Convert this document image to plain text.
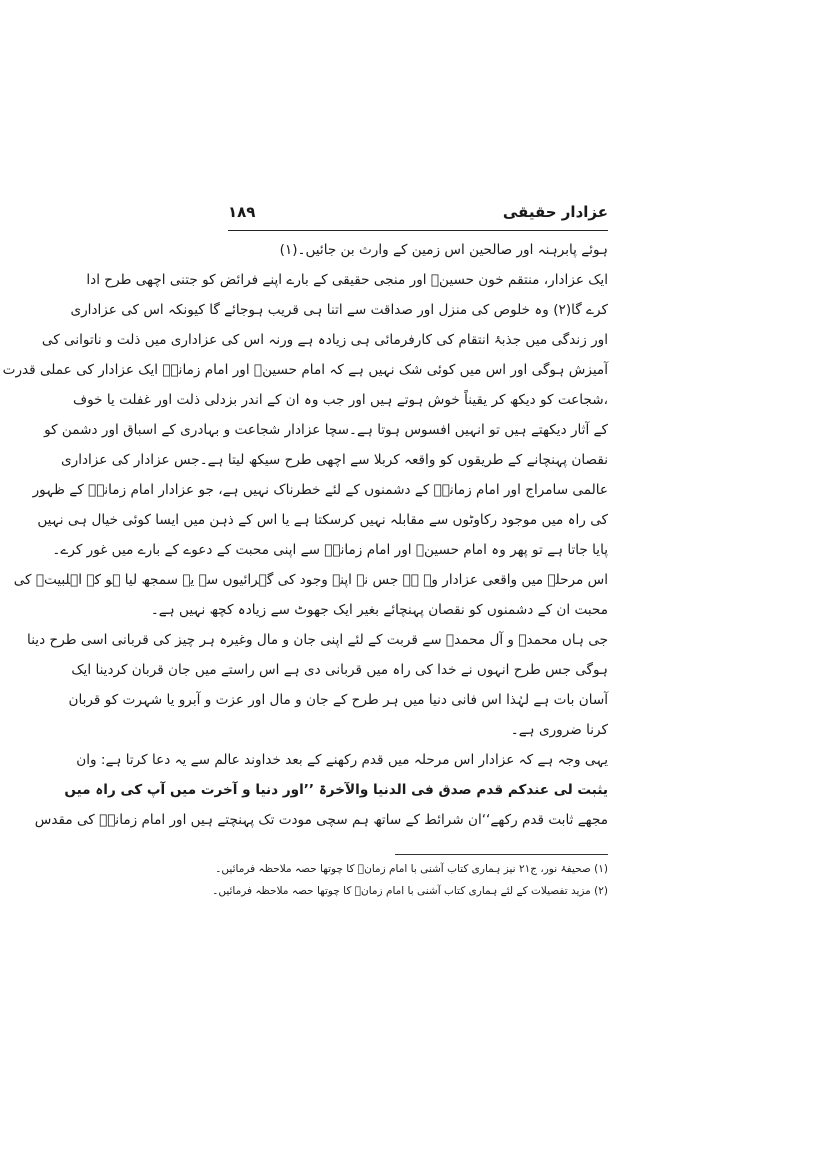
عزادار حقیقی
۱۸۹
ہوئے پابرہنہ اور صالحین اس زمین کے وارث بن جائیں۔(۱)
ایک عزادار، منتقم خون حسینؑ اور منجی حقیقی کے بارے اپنے فرائض کو جتنی اچھی طرح ادا
کرے گا(۲) وہ خلوص کی منزل اور صداقت سے اتنا ہی قریب ہوجائے گا کیونکہ اس کی عزاداری
اور زندگی میں جذبۂ انتقام کی کارفرمائی ہی زیادہ ہے ورنہ اس کی عزاداری میں ذلت و ناتوانی کی
آمیزش ہوگی اور اس میں کوئی شک نہیں ہے کہ امام حسینؑ اور امام زمانہؑ ایک عزادار کی عملی قدرت
،شجاعت کو دیکھ کر یقیناً خوش ہوتے ہیں اور جب وہ ان کے اندر بزدلی ذلت اور غفلت یا خوف
کے آثار دیکھتے ہیں تو انہیں افسوس ہوتا ہے۔سچا عزادار شجاعت و بہادری کے اسباق اور دشمن کو
نقصان پہنچانے کے طریقوں کو واقعہ کربلا سے اچھی طرح سیکھ لیتا ہے۔جس عزادار کی عزاداری
عالمی سامراج اور امام زمانہؑ کے دشمنوں کے لئے خطرناک نہیں ہے، جو عزادار امام زمانہؑ کے ظہور
کی راہ میں موجود رکاوٹوں سے مقابلہ نہیں کرسکتا ہے یا اس کے ذہن میں ایسا کوئی خیال ہی نہیں
پایا جاتا ہے تو پھر وہ امام حسینؑ اور امام زمانہؑ سے اپنی محبت کے دعوے کے بارے میں غور کرے۔
اس مرحلہ میں واقعی عزادار وہ ہے جس نے اپنے وجود کی گہرائیوں سے یہ سمجھ لیا ہو کہ اہلبیتؑ کی
محبت ان کے دشمنوں کو نقصان پہنچائے بغیر ایک جھوٹ سے زیادہ کچھ نہیں ہے۔
جی ہاں محمدؐ و آل محمدؐ سے قربت کے لئے اپنی جان و مال وغیرہ ہر چیز کی قربانی اسی طرح دینا
ہوگی جس طرح انہوں نے خدا کی راہ میں قربانی دی ہے اس راستے میں جان قربان کردینا ایک
آسان بات ہے لہٰذا اس فانی دنیا میں ہر طرح کے جان و مال اور عزت و آبرو یا شہرت کو قربان
کرنا ضروری ہے۔
یہی وجہ ہے کہ عزادار اس مرحلہ میں قدم رکھنے کے بعد خداوند عالم سے یہ دعا کرتا ہے: وان
یثبت لی عندکم قدم صدق فی الدنیا والآخرۃ ’’اور دنیا و آخرت میں آپ کی راہ میں
مجھے ثابت قدم رکھے‘‘ان شرائط کے ساتھ ہم سچی مودت تک پہنچتے ہیں اور امام زمانہؑ کی مقدس
(۱) صحیفۂ نور، ج۲۱ نیز ہماری کتاب آشنی با امام زمانؑ کا چوتھا حصہ ملاحظہ فرمائیں۔
(۲) مزید تفصیلات کے لئے ہماری کتاب آشنی با امام زمانؑ کا چوتھا حصہ ملاحظہ فرمائیں۔
